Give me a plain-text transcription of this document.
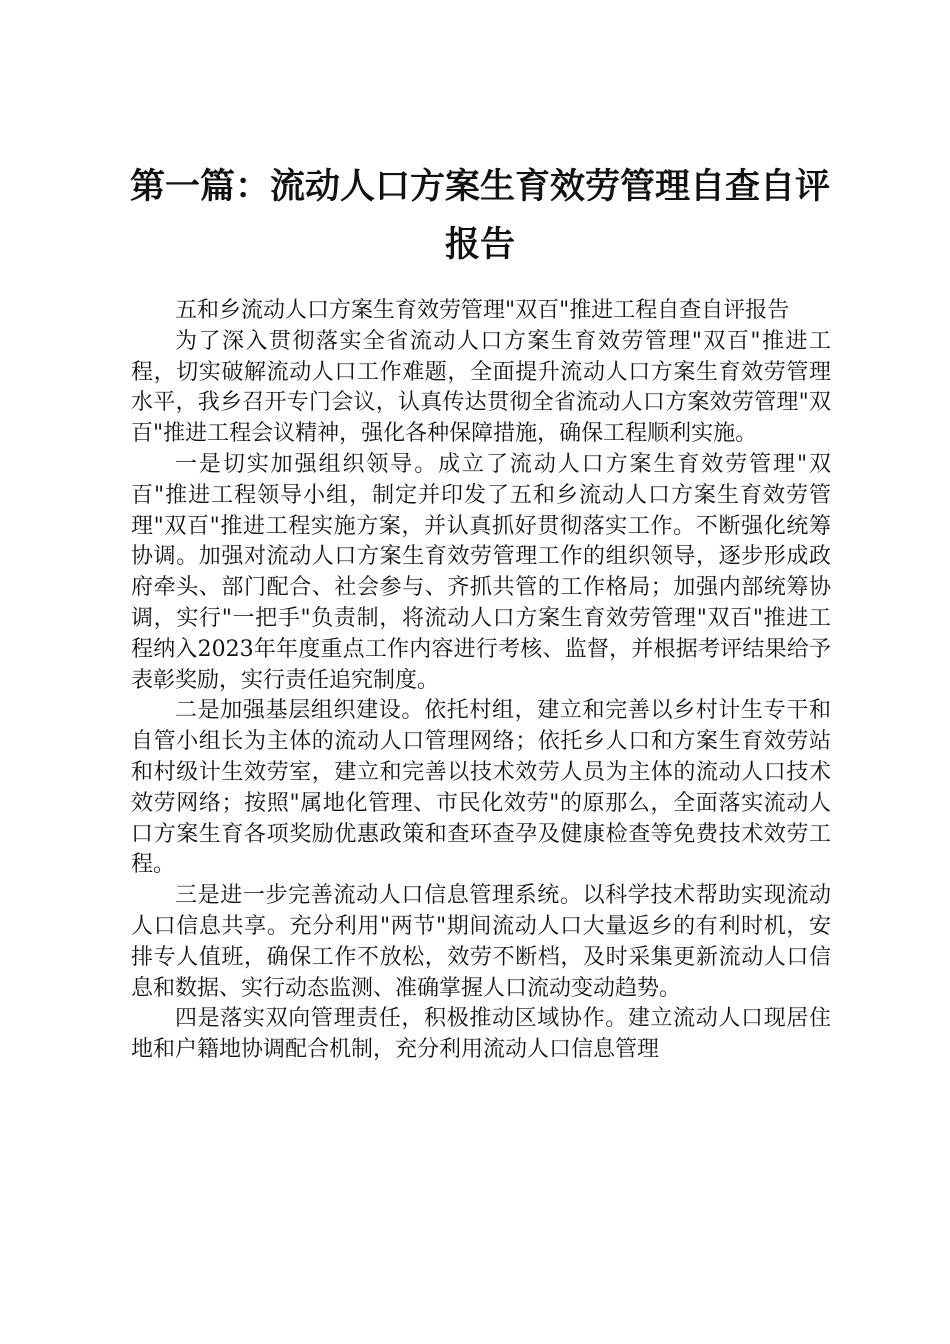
第一篇：流动人口方案生育效劳管理自查自评
报告

五和乡流动人口方案生育效劳管理"双百"推进工程自查自评报告

为了深入贯彻落实全省流动人口方案生育效劳管理"双百"推进工程，切实破解流动人口工作难题，全面提升流动人口方案生育效劳管理水平，我乡召开专门会议，认真传达贯彻全省流动人口方案效劳管理"双百"推进工程会议精神，强化各种保障措施，确保工程顺利实施。

一是切实加强组织领导。成立了流动人口方案生育效劳管理"双百"推进工程领导小组，制定并印发了五和乡流动人口方案生育效劳管理"双百"推进工程实施方案，并认真抓好贯彻落实工作。不断强化统筹协调。加强对流动人口方案生育效劳管理工作的组织领导，逐步形成政府牵头、部门配合、社会参与、齐抓共管的工作格局；加强内部统筹协调，实行"一把手"负责制，将流动人口方案生育效劳管理"双百"推进工程纳入2023年年度重点工作内容进行考核、监督，并根据考评结果给予表彰奖励，实行责任追究制度。

二是加强基层组织建设。依托村组，建立和完善以乡村计生专干和自管小组长为主体的流动人口管理网络；依托乡人口和方案生育效劳站和村级计生效劳室，建立和完善以技术效劳人员为主体的流动人口技术效劳网络；按照"属地化管理、市民化效劳"的原那么，全面落实流动人口方案生育各项奖励优惠政策和查环查孕及健康检查等免费技术效劳工程。

三是进一步完善流动人口信息管理系统。以科学技术帮助实现流动人口信息共享。充分利用"两节"期间流动人口大量返乡的有利时机，安排专人值班，确保工作不放松，效劳不断档，及时采集更新流动人口信息和数据、实行动态监测、准确掌握人口流动变动趋势。

四是落实双向管理责任，积极推动区域协作。建立流动人口现居住地和户籍地协调配合机制，充分利用流动人口信息管理
